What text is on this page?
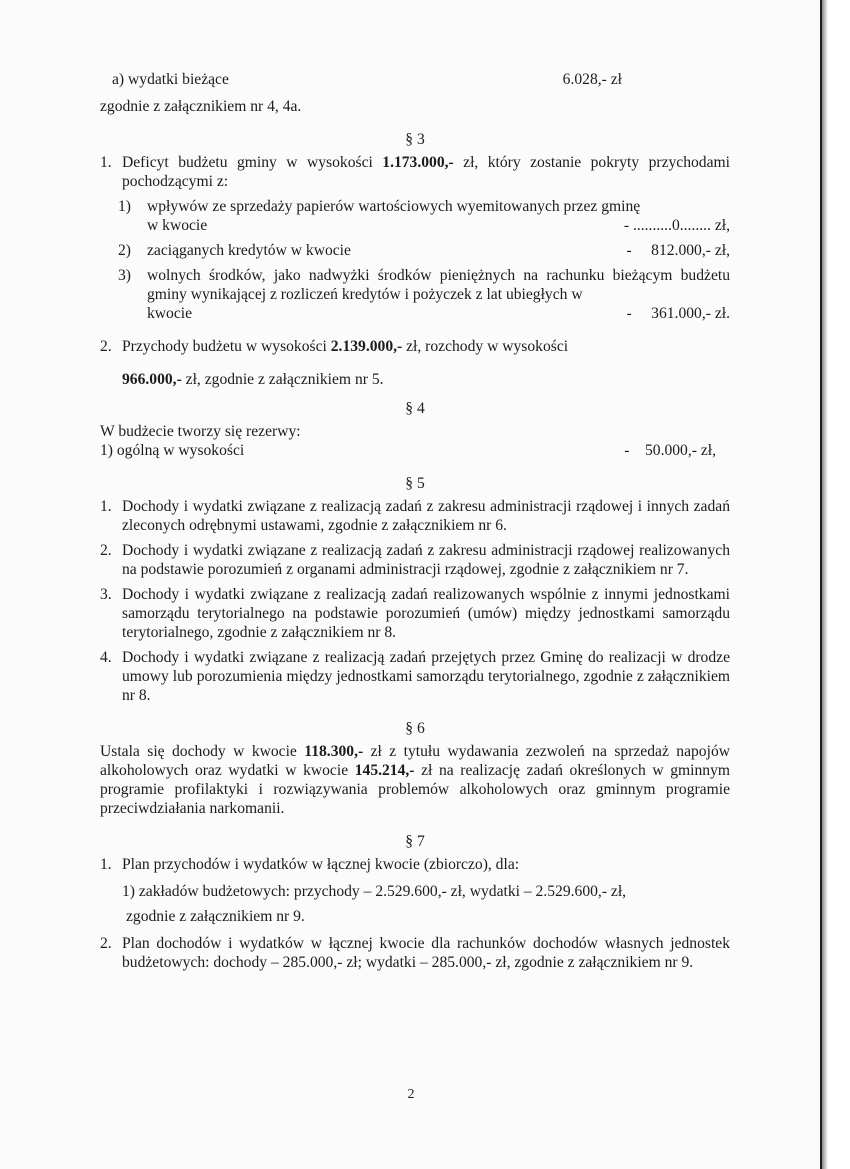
a) wydatki bieżące	6.028,- zł

zgodnie z załącznikiem nr 4, 4a.

§ 3
1. Deficyt budżetu gminy w wysokości 1.173.000,- zł, który zostanie pokryty przychodami pochodzącymi z:
1)	wpływów ze sprzedaży papierów wartościowych wyemitowanych przez gminę
w kwocie	- ..........0........ zł,
2)	zaciąganych kredytów w kwocie	-     812.000,- zł,
3)	wolnych środków, jako nadwyżki środków pieniężnych na rachunku bieżącym budżetu gminy wynikającej z rozliczeń kredytów i pożyczek z lat ubiegłych w
kwocie	-     361.000,- zł.
2. Przychody budżetu w wysokości 2.139.000,- zł, rozchody w wysokości
966.000,- zł, zgodnie z załącznikiem nr 5.
§ 4

W budżecie tworzy się rezerwy:

1) ogólną w wysokości	-    50.000,- zł,
§ 5
1. Dochody i wydatki związane z realizacją zadań z zakresu administracji rządowej i innych zadań zleconych odrębnymi ustawami, zgodnie z załącznikiem nr 6.
2. Dochody i wydatki związane z realizacją zadań z zakresu administracji rządowej realizowanych na podstawie porozumień z organami administracji rządowej, zgodnie z załącznikiem nr 7.
3. Dochody i wydatki związane z realizacją zadań realizowanych wspólnie z innymi jednostkami samorządu terytorialnego na podstawie porozumień (umów) między jednostkami samorządu terytorialnego, zgodnie z załącznikiem nr 8.
4. Dochody i wydatki związane z realizacją zadań przejętych przez Gminę do realizacji w drodze umowy lub porozumienia między jednostkami samorządu terytorialnego, zgodnie z załącznikiem nr 8.
§ 6

Ustala się dochody w kwocie 118.300,- zł z tytułu wydawania zezwoleń na sprzedaż napojów alkoholowych oraz wydatki w kwocie 145.214,- zł na realizację zadań określonych w gminnym programie profilaktyki i rozwiązywania problemów alkoholowych oraz gminnym programie przeciwdziałania narkomanii.

§ 7
1. Plan przychodów i wydatków w łącznej kwocie (zbiorczo), dla:
1) zakładów budżetowych: przychody – 2.529.600,- zł, wydatki – 2.529.600,- zł,
zgodnie z załącznikiem nr 9.
2. Plan dochodów i wydatków w łącznej kwocie dla rachunków dochodów własnych jednostek budżetowych: dochody – 285.000,- zł; wydatki – 285.000,- zł, zgodnie z załącznikiem nr 9.
2
